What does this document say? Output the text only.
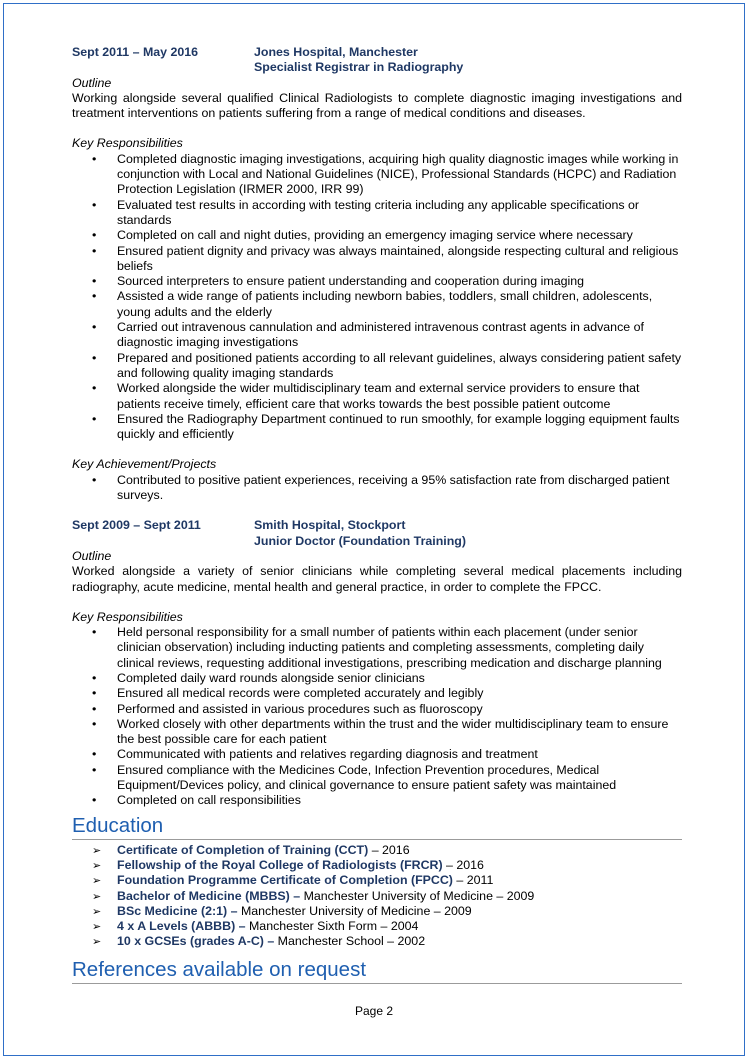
Sept 2011 – May 2016	Jones Hospital, Manchester
Specialist Registrar in Radiography
Outline
Working alongside several qualified Clinical Radiologists to complete diagnostic imaging investigations and treatment interventions on patients suffering from a range of medical conditions and diseases.
Key Responsibilities
• Completed diagnostic imaging investigations, acquiring high quality diagnostic images while working in conjunction with Local and National Guidelines (NICE), Professional Standards (HCPC) and Radiation Protection Legislation (IRMER 2000, IRR 99)
• Evaluated test results in according with testing criteria including any applicable specifications or standards
• Completed on call and night duties, providing an emergency imaging service where necessary
• Ensured patient dignity and privacy was always maintained, alongside respecting cultural and religious beliefs
• Sourced interpreters to ensure patient understanding and cooperation during imaging
• Assisted a wide range of patients including newborn babies, toddlers, small children, adolescents, young adults and the elderly
• Carried out intravenous cannulation and administered intravenous contrast agents in advance of diagnostic imaging investigations
• Prepared and positioned patients according to all relevant guidelines, always considering patient safety and following quality imaging standards
• Worked alongside the wider multidisciplinary team and external service providers to ensure that patients receive timely, efficient care that works towards the best possible patient outcome
• Ensured the Radiography Department continued to run smoothly, for example logging equipment faults quickly and efficiently
Key Achievement/Projects
• Contributed to positive patient experiences, receiving a 95% satisfaction rate from discharged patient surveys.
Sept 2009 – Sept 2011	Smith Hospital, Stockport
Junior Doctor (Foundation Training)
Outline
Worked alongside a variety of senior clinicians while completing several medical placements including radiography, acute medicine, mental health and general practice, in order to complete the FPCC.
Key Responsibilities
• Held personal responsibility for a small number of patients within each placement (under senior clinician observation) including inducting patients and completing assessments, completing daily clinical reviews, requesting additional investigations, prescribing medication and discharge planning
• Completed daily ward rounds alongside senior clinicians
• Ensured all medical records were completed accurately and legibly
• Performed and assisted in various procedures such as fluoroscopy
• Worked closely with other departments within the trust and the wider multidisciplinary team to ensure the best possible care for each patient
• Communicated with patients and relatives regarding diagnosis and treatment
• Ensured compliance with the Medicines Code, Infection Prevention procedures, Medical Equipment/Devices policy, and clinical governance to ensure patient safety was maintained
• Completed on call responsibilities
Education
➢ Certificate of Completion of Training (CCT) – 2016
➢ Fellowship of the Royal College of Radiologists (FRCR) – 2016
➢ Foundation Programme Certificate of Completion (FPCC) – 2011
➢ Bachelor of Medicine (MBBS) – Manchester University of Medicine – 2009
➢ BSc Medicine (2:1) – Manchester University of Medicine – 2009
➢ 4 x A Levels (ABBB) – Manchester Sixth Form – 2004
➢ 10 x GCSEs (grades A-C) – Manchester School – 2002
References available on request
Page 2
